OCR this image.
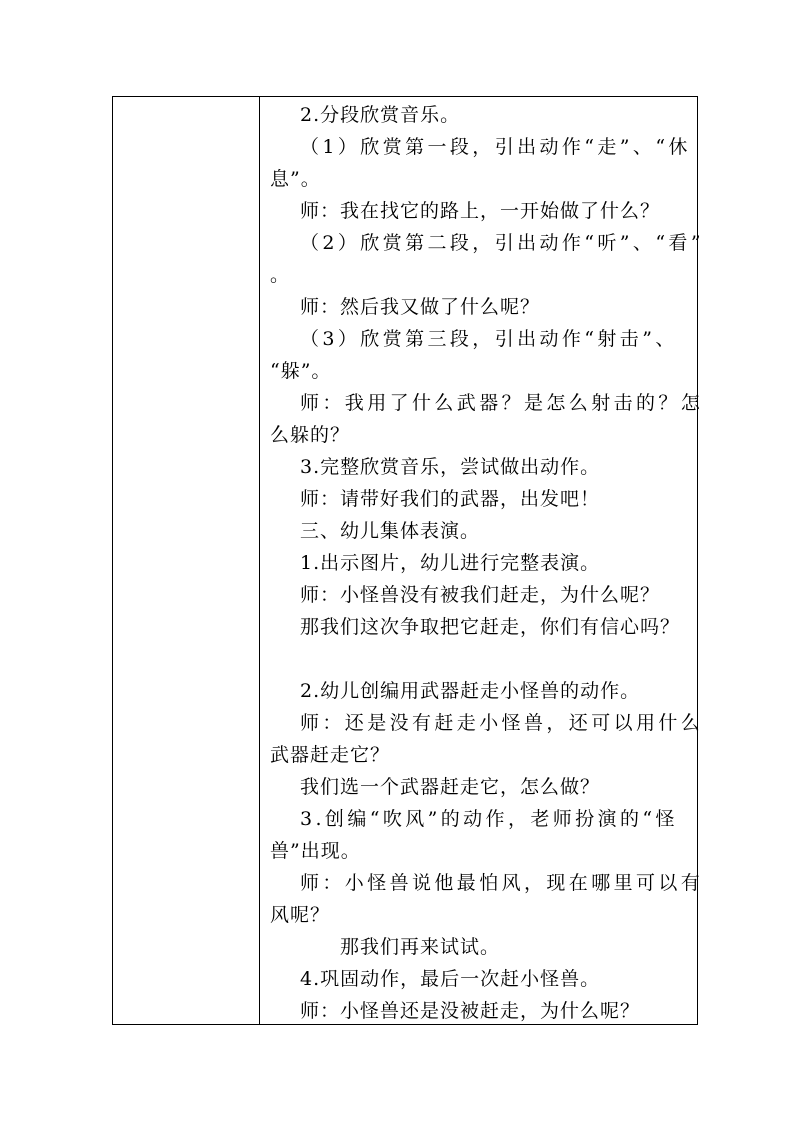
2.分段欣赏音乐。
（1）欣赏第一段，引出动作“走”、“休
息”。
师：我在找它的路上，一开始做了什么？
（2）欣赏第二段，引出动作“听”、“看”
。
师：然后我又做了什么呢？
（3）欣赏第三段，引出动作“射击”、
“躲”。
师：我用了什么武器？是怎么射击的？怎
么躲的？
3.完整欣赏音乐，尝试做出动作。
师：请带好我们的武器，出发吧！
三、幼儿集体表演。
1.出示图片，幼儿进行完整表演。
师：小怪兽没有被我们赶走，为什么呢？
那我们这次争取把它赶走，你们有信心吗？
2.幼儿创编用武器赶走小怪兽的动作。
师：还是没有赶走小怪兽，还可以用什么
武器赶走它？
我们选一个武器赶走它，怎么做？
3.创编“吹风”的动作，老师扮演的“怪
兽”出现。
师：小怪兽说他最怕风，现在哪里可以有
风呢？
那我们再来试试。
4.巩固动作，最后一次赶小怪兽。
师：小怪兽还是没被赶走，为什么呢？
